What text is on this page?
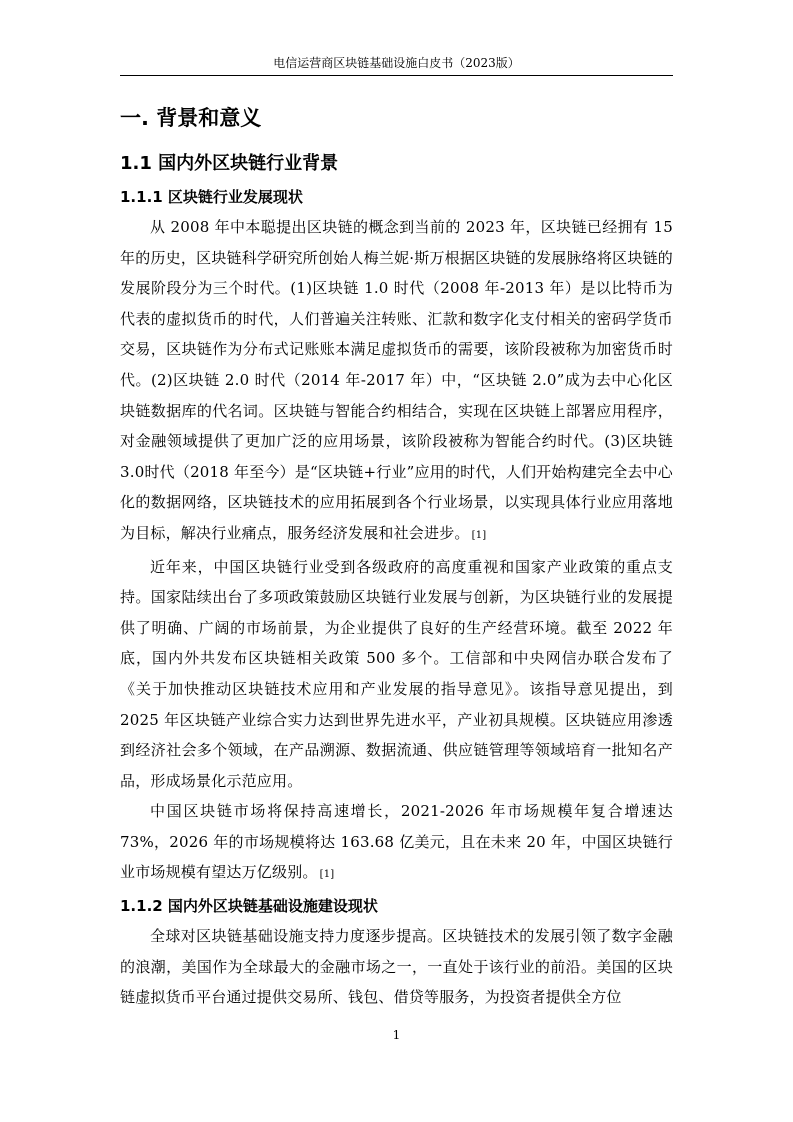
电信运营商区块链基础设施白皮书（2023版）
一. 背景和意义
1.1 国内外区块链行业背景
1.1.1 区块链行业发展现状

从 2008 年中本聪提出区块链的概念到当前的 2023 年，区块链已经拥有 15 年的历史，区块链科学研究所创始人梅兰妮·斯万根据区块链的发展脉络将区块链的发展阶段分为三个时代。(1)区块链 1.0 时代（2008 年-2013 年）是以比特币为代表的虚拟货币的时代，人们普遍关注转账、汇款和数字化支付相关的密码学货币交易，区块链作为分布式记账账本满足虚拟货币的需要，该阶段被称为加密货币时代。(2)区块链 2.0 时代（2014 年-2017 年）中，“区块链 2.0”成为去中心化区块链数据库的代名词。区块链与智能合约相结合，实现在区块链上部署应用程序，对金融领域提供了更加广泛的应用场景，该阶段被称为智能合约时代。(3)区块链 3.0时代（2018 年至今）是“区块链+行业”应用的时代，人们开始构建完全去中心化的数据网络，区块链技术的应用拓展到各个行业场景，以实现具体行业应用落地为目标，解决行业痛点，服务经济发展和社会进步。 [1]

近年来，中国区块链行业受到各级政府的高度重视和国家产业政策的重点支持。国家陆续出台了多项政策鼓励区块链行业发展与创新，为区块链行业的发展提供了明确、广阔的市场前景，为企业提供了良好的生产经营环境。截至 2022 年底，国内外共发布区块链相关政策 500 多个。工信部和中央网信办联合发布了《关于加快推动区块链技术应用和产业发展的指导意见》。该指导意见提出，到 2025 年区块链产业综合实力达到世界先进水平，产业初具规模。区块链应用渗透到经济社会多个领域，在产品溯源、数据流通、供应链管理等领域培育一批知名产品，形成场景化示范应用。

中国区块链市场将保持高速增长，2021-2026 年市场规模年复合增速达 73%，2026 年的市场规模将达 163.68 亿美元，且在未来 20 年，中国区块链行业市场规模有望达万亿级别。 [1]

1.1.2 国内外区块链基础设施建设现状

全球对区块链基础设施支持力度逐步提高。区块链技术的发展引领了数字金融的浪潮，美国作为全球最大的金融市场之一，一直处于该行业的前沿。美国的区块链虚拟货币平台通过提供交易所、钱包、借贷等服务，为投资者提供全方位

1
